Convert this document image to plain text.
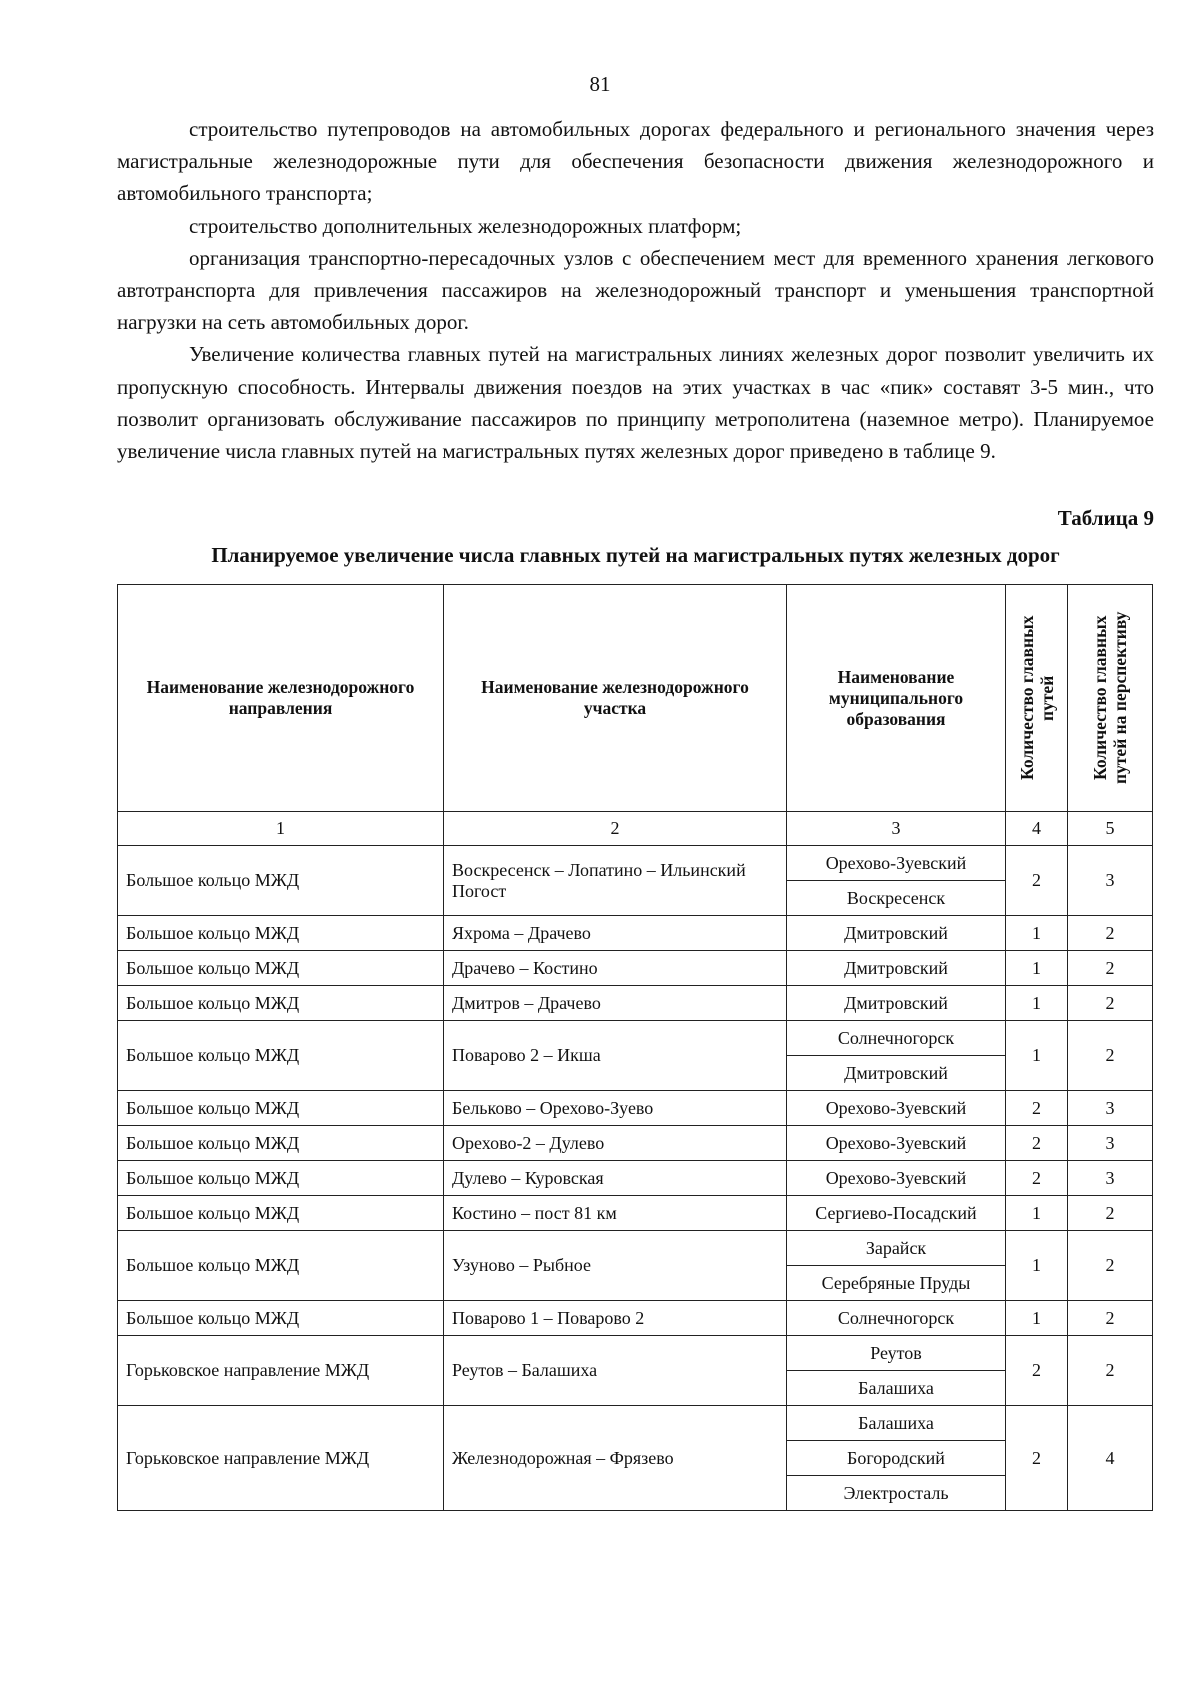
81

строительство путепроводов на автомобильных дорогах федерального и регионального значения через магистральные железнодорожные пути для обеспечения безопасности движения железнодорожного и автомобильного транспорта;

строительство дополнительных железнодорожных платформ;

организация транспортно-пересадочных узлов с обеспечением мест для временного хранения легкового автотранспорта для привлечения пассажиров на железнодорожный транспорт и уменьшения транспортной нагрузки на сеть автомобильных дорог.

Увеличение количества главных путей на магистральных линиях железных дорог позволит увеличить их пропускную способность. Интервалы движения поездов на этих участках в час «пик» составят 3-5 мин., что позволит организовать обслуживание пассажиров по принципу метрополитена (наземное метро). Планируемое увеличение числа главных путей на магистральных путях железных дорог приведено в таблице 9.

Таблица 9
Планируемое увеличение числа главных путей на магистральных путях железных дорог
Наименование железнодорожного направления	Наименование железнодорожного участка	Наименование муниципального образования	Количество главных путей	Количество главных путей на перспективу

1	2	3	4	5
Большое кольцо МЖД	Воскресенск – Лопатино – Ильинский Погост	Орехово-Зуевский	2	3
		Воскресенск		
Большое кольцо МЖД	Яхрома – Драчево	Дмитровский	1	2
Большое кольцо МЖД	Драчево – Костино	Дмитровский	1	2
Большое кольцо МЖД	Дмитров – Драчево	Дмитровский	1	2
Большое кольцо МЖД	Поварово 2 – Икша	Солнечногорск	1	2
		Дмитровский		
Большое кольцо МЖД	Бельково – Орехово-Зуево	Орехово-Зуевский	2	3
Большое кольцо МЖД	Орехово-2 – Дулево	Орехово-Зуевский	2	3
Большое кольцо МЖД	Дулево – Куровская	Орехово-Зуевский	2	3
Большое кольцо МЖД	Костино – пост 81 км	Сергиево-Посадский	1	2
Большое кольцо МЖД	Узуново – Рыбное	Зарайск	1	2
		Серебряные Пруды		
Большое кольцо МЖД	Поварово 1 – Поварово 2	Солнечногорск	1	2
Горьковское направление МЖД	Реутов – Балашиха	Реутов	2	2
		Балашиха		
Горьковское направление МЖД	Железнодорожная – Фрязево	Балашиха	2	4
		Богородский		
		Электросталь		
